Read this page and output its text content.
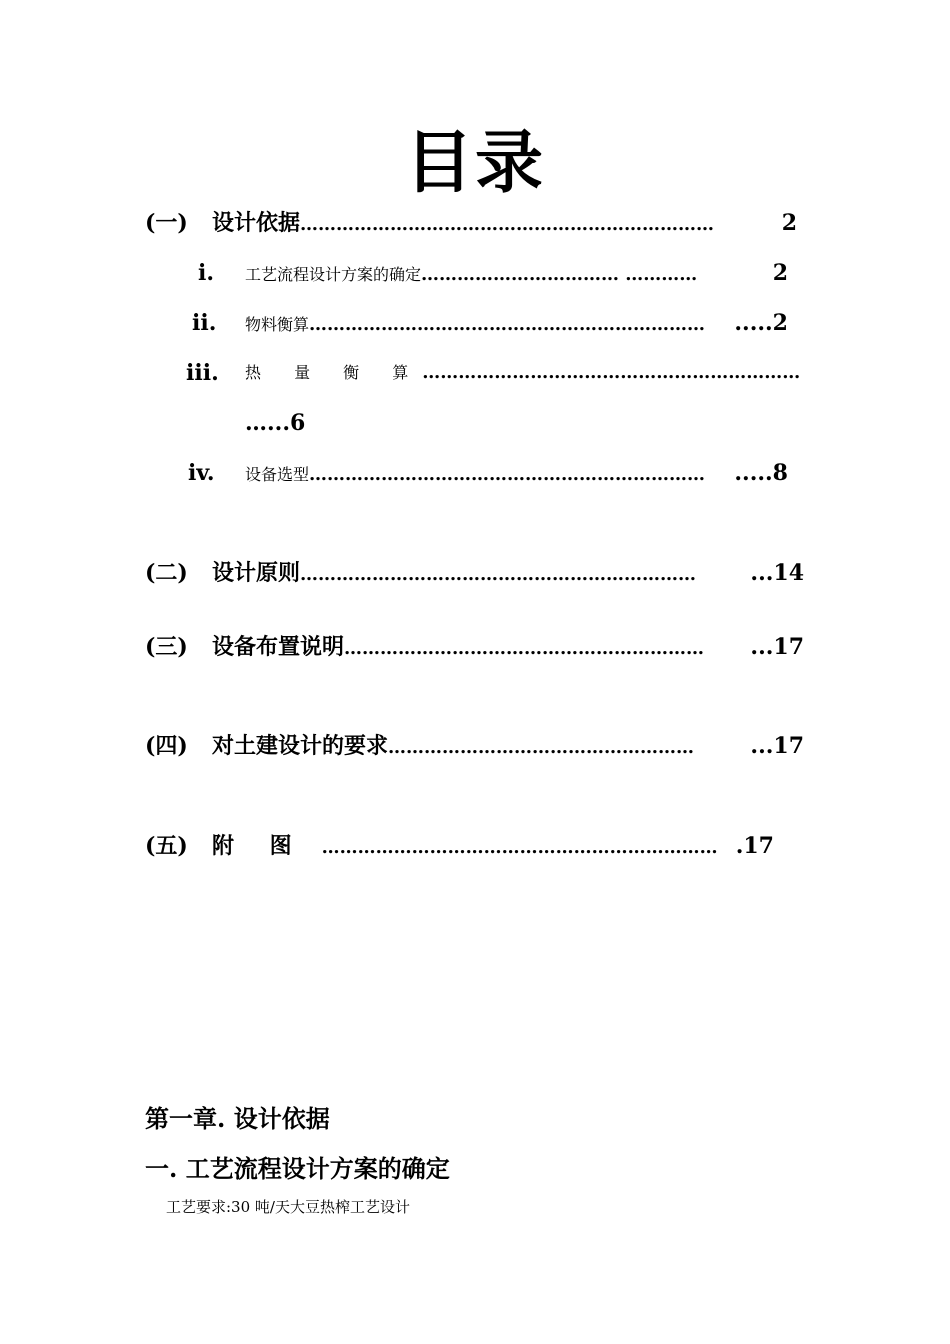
目录
(一) 设计依据 ……………………………………………………………	2
i. 工艺流程设计方案的确定 …………………………… …………	2
ii. 物料衡算 …………………………………………………………	.....2
iii. 热 量 衡 算 ………………………………………………………
…...6
iv. 设备选型 …………………………………………………………	.....8
(二) 设计原则 …………………………………………………………	...14
(三) 设备布置说明 ……………………………………………………	...17
(四) 对土建设计的要求 ……………………………………………	...17
(五) 附 图 ………………………………………………………… .17
第一章. 设计依据
一. 工艺流程设计方案的确定
工艺要求:30 吨/天大豆热榨工艺设计
